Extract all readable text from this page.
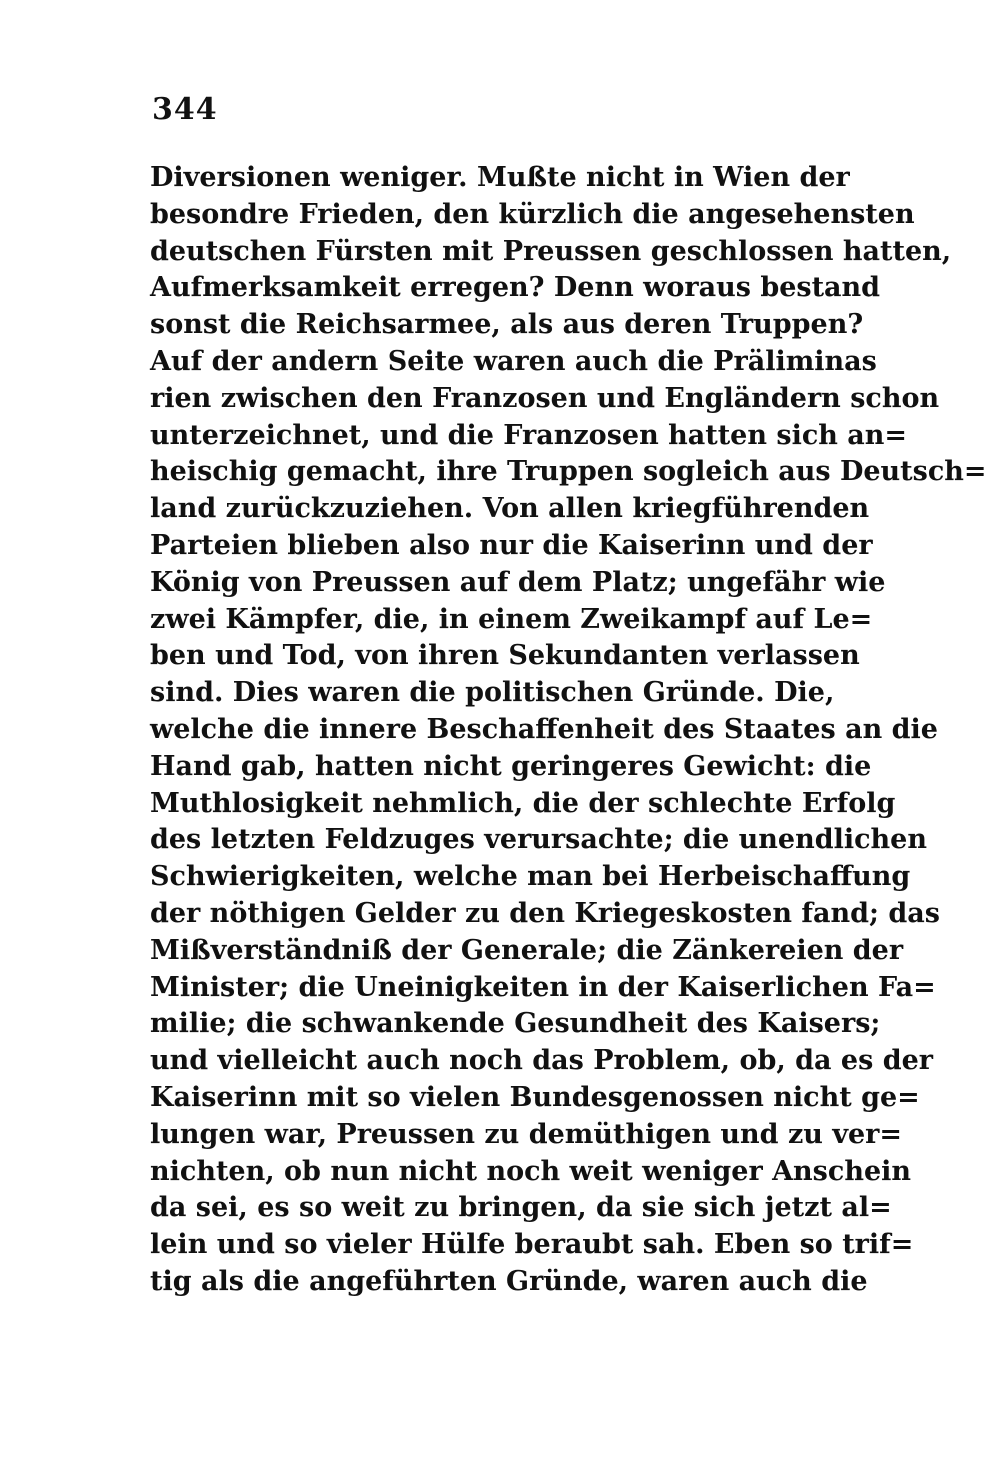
344
Diversionen weniger. Mußte nicht in Wien der
besondre Frieden, den kürzlich die angesehensten
deutschen Fürsten mit Preussen geschlossen hatten,
Aufmerksamkeit erregen? Denn woraus bestand
sonst die Reichsarmee, als aus deren Truppen?
Auf der andern Seite waren auch die Präliminas
rien zwischen den Franzosen und Engländern schon
unterzeichnet, und die Franzosen hatten sich an=
heischig gemacht, ihre Truppen sogleich aus Deutsch=
land zurückzuziehen. Von allen kriegführenden
Parteien blieben also nur die Kaiserinn und der
König von Preussen auf dem Platz; ungefähr wie
zwei Kämpfer, die, in einem Zweikampf auf Le=
ben und Tod, von ihren Sekundanten verlassen
sind. Dies waren die politischen Gründe. Die,
welche die innere Beschaffenheit des Staates an die
Hand gab, hatten nicht geringeres Gewicht: die
Muthlosigkeit nehmlich, die der schlechte Erfolg
des letzten Feldzuges verursachte; die unendlichen
Schwierigkeiten, welche man bei Herbeischaffung
der nöthigen Gelder zu den Kriegeskosten fand; das
Mißverständniß der Generale; die Zänkereien der
Minister; die Uneinigkeiten in der Kaiserlichen Fa=
milie; die schwankende Gesundheit des Kaisers;
und vielleicht auch noch das Problem, ob, da es der
Kaiserinn mit so vielen Bundesgenossen nicht ge=
lungen war, Preussen zu demüthigen und zu ver=
nichten, ob nun nicht noch weit weniger Anschein
da sei, es so weit zu bringen, da sie sich jetzt al=
lein und so vieler Hülfe beraubt sah. Eben so trif=
tig als die angeführten Gründe, waren auch die
